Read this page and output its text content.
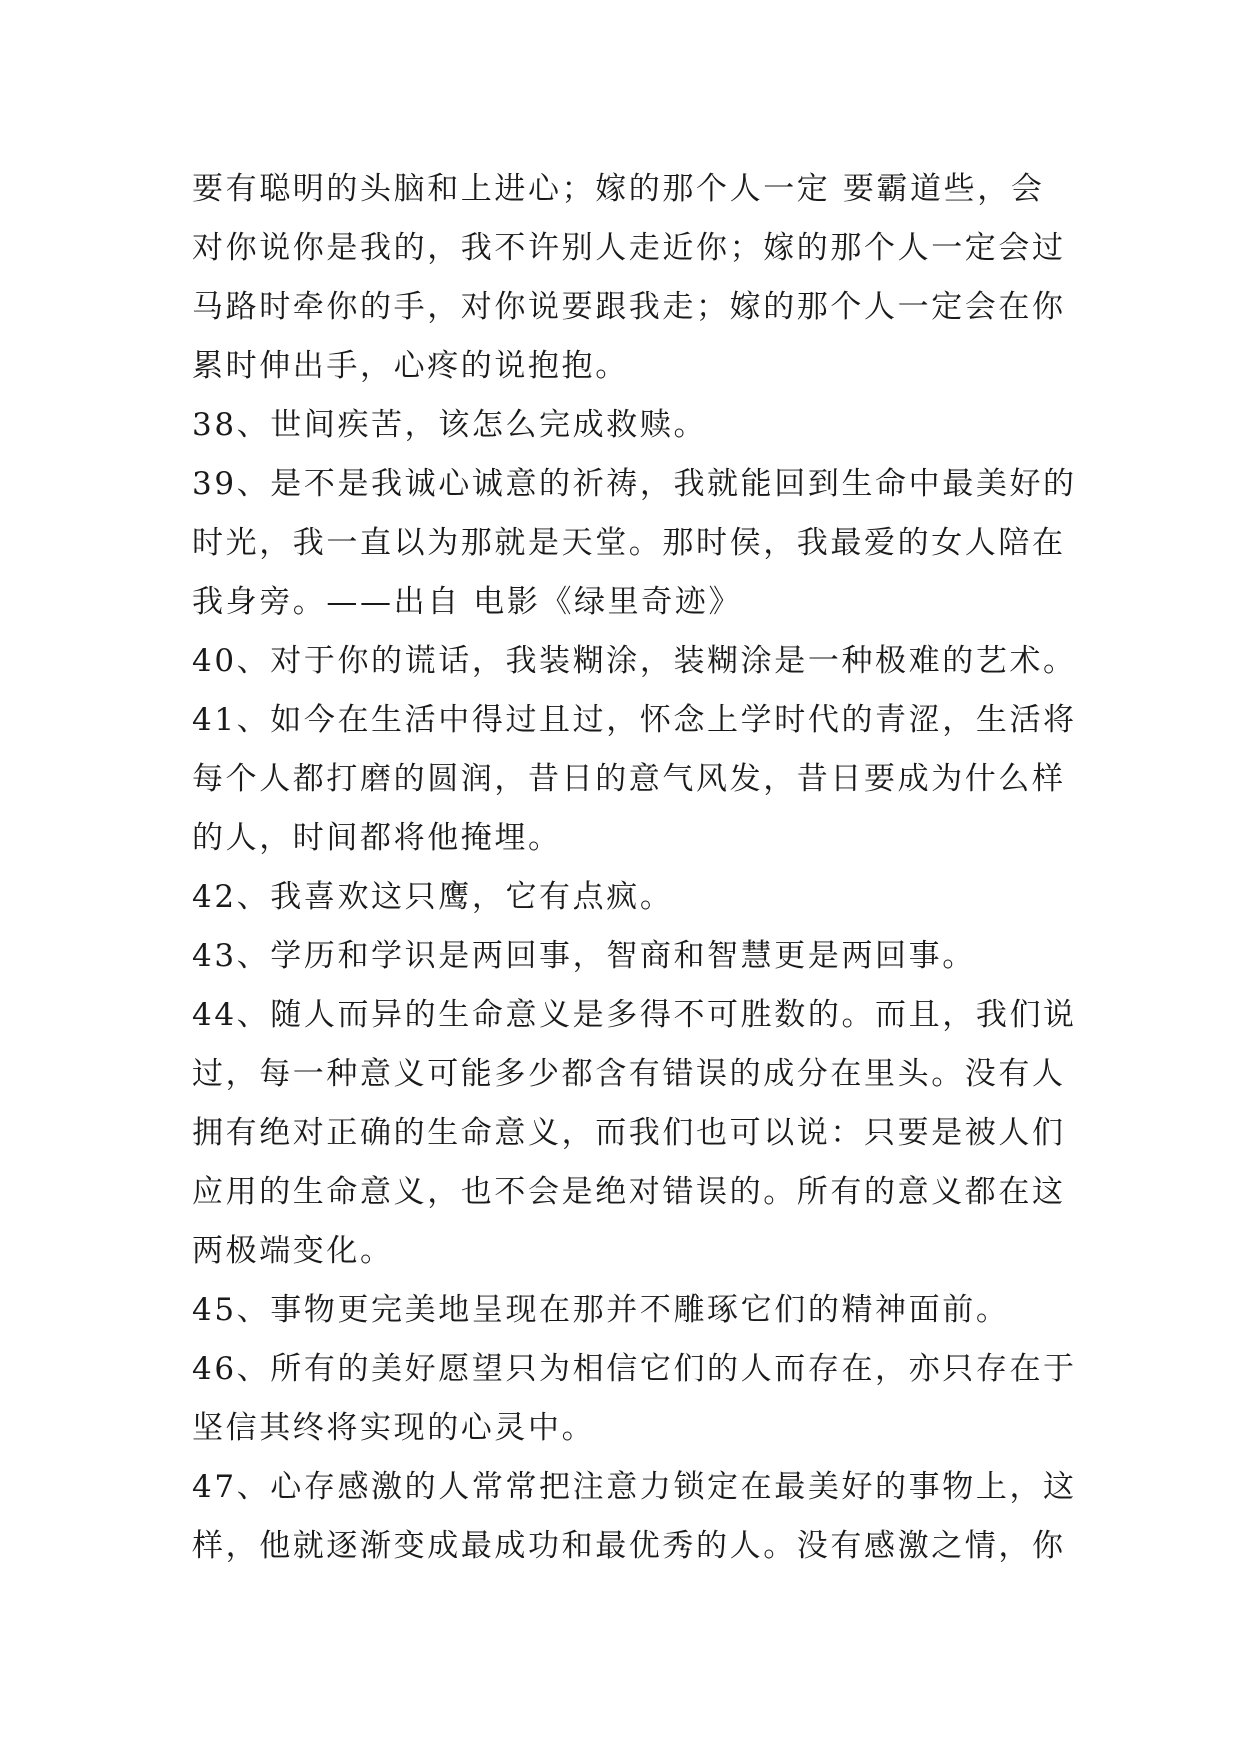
要有聪明的头脑和上进心；嫁的那个人一定 要霸道些，会
对你说你是我的，我不许别人走近你；嫁的那个人一定会过
马路时牵你的手，对你说要跟我走；嫁的那个人一定会在你
累时伸出手，心疼的说抱抱。
38、世间疾苦，该怎么完成救赎。
39、是不是我诚心诚意的祈祷，我就能回到生命中最美好的
时光，我一直以为那就是天堂。那时侯，我最爱的女人陪在
我身旁。——出自 电影《绿里奇迹》
40、对于你的谎话，我装糊涂，装糊涂是一种极难的艺术。
41、如今在生活中得过且过，怀念上学时代的青涩，生活将
每个人都打磨的圆润，昔日的意气风发，昔日要成为什么样
的人，时间都将他掩埋。
42、我喜欢这只鹰，它有点疯。
43、学历和学识是两回事，智商和智慧更是两回事。
44、随人而异的生命意义是多得不可胜数的。而且，我们说
过，每一种意义可能多少都含有错误的成分在里头。没有人
拥有绝对正确的生命意义，而我们也可以说：只要是被人们
应用的生命意义，也不会是绝对错误的。所有的意义都在这
两极端变化。
45、事物更完美地呈现在那并不雕琢它们的精神面前。
46、所有的美好愿望只为相信它们的人而存在，亦只存在于
坚信其终将实现的心灵中。
47、心存感激的人常常把注意力锁定在最美好的事物上，这
样，他就逐渐变成最成功和最优秀的人。没有感激之情，你
